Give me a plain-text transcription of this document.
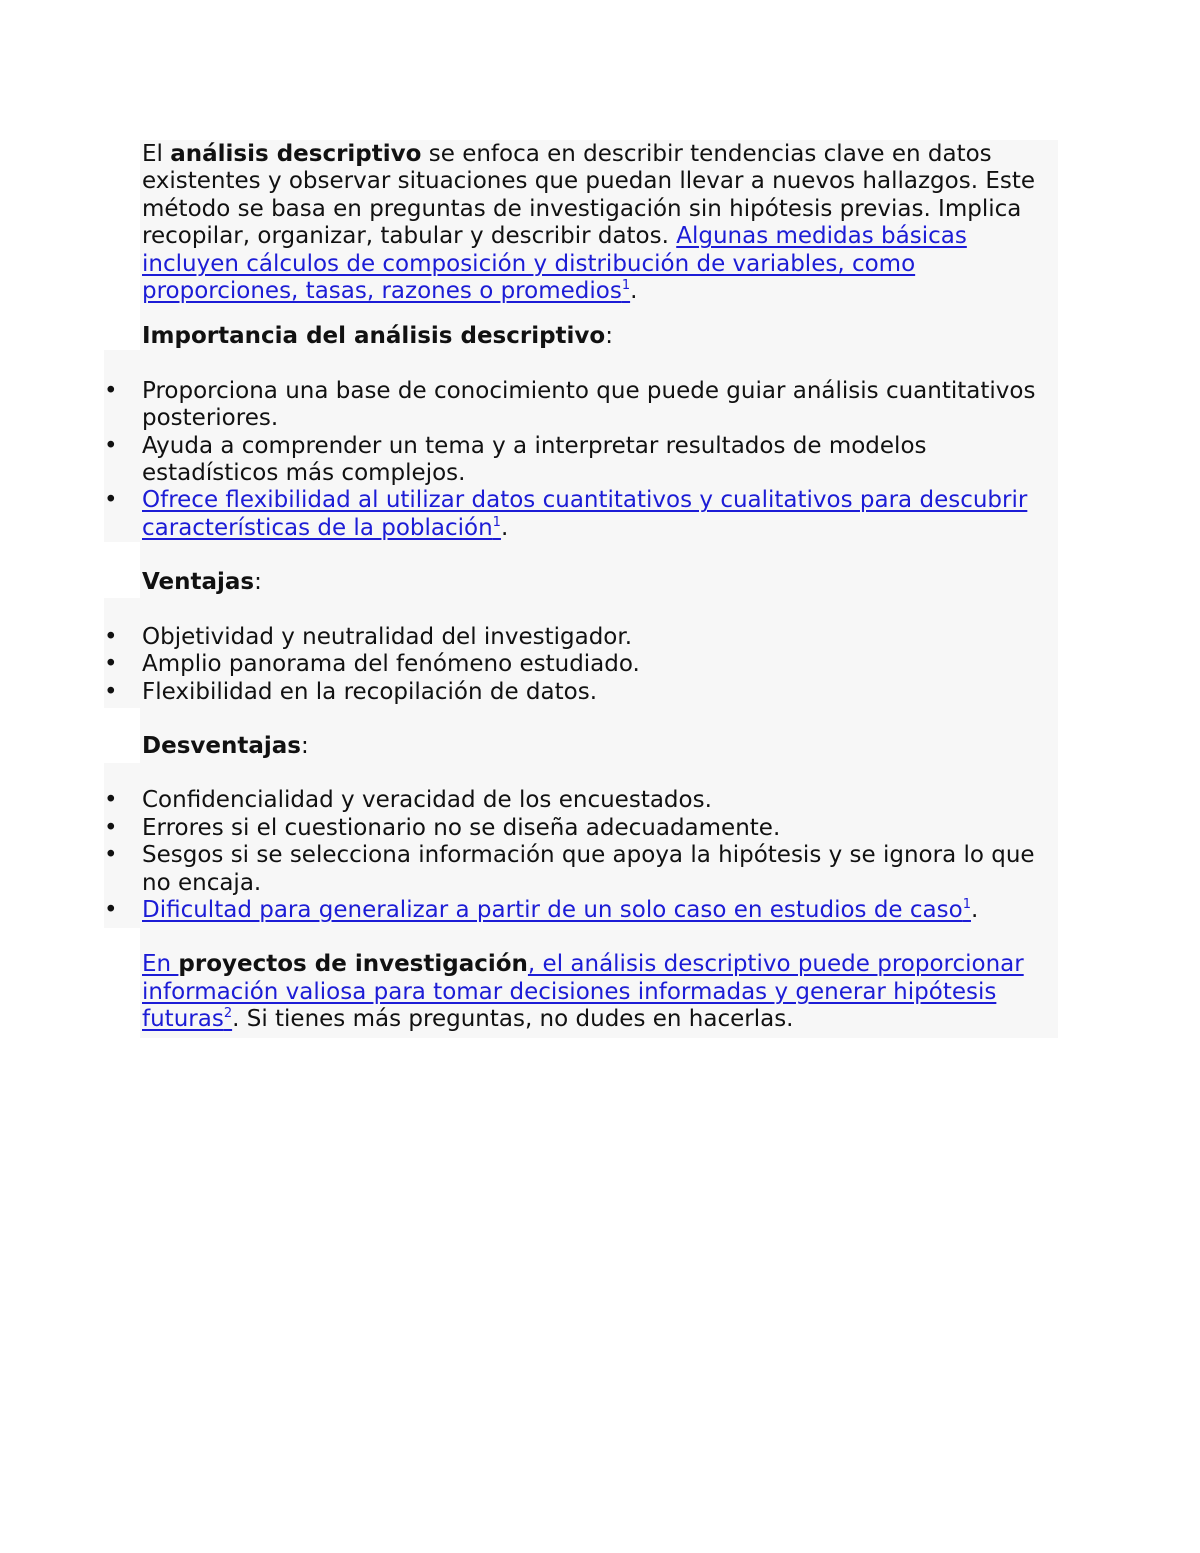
El análisis descriptivo se enfoca en describir tendencias clave en datos existentes y observar situaciones que puedan llevar a nuevos hallazgos. Este método se basa en preguntas de investigación sin hipótesis previas. Implica recopilar, organizar, tabular y describir datos. Algunas medidas básicas incluyen cálculos de composición y distribución de variables, como proporciones, tasas, razones o promedios$^1$.

Importancia del análisis descriptivo:

• Proporciona una base de conocimiento que puede guiar análisis cuantitativos posteriores.
• Ayuda a comprender un tema y a interpretar resultados de modelos estadísticos más complejos.
• Ofrece flexibilidad al utilizar datos cuantitativos y cualitativos para descubrir características de la población$^1$.

Ventajas:

• Objetividad y neutralidad del investigador.
• Amplio panorama del fenómeno estudiado.
• Flexibilidad en la recopilación de datos.

Desventajas:

• Confidencialidad y veracidad de los encuestados.
• Errores si el cuestionario no se diseña adecuadamente.
• Sesgos si se selecciona información que apoya la hipótesis y se ignora lo que no encaja.
• Dificultad para generalizar a partir de un solo caso en estudios de caso$^1$.

En proyectos de investigación, el análisis descriptivo puede proporcionar información valiosa para tomar decisiones informadas y generar hipótesis futuras$^2$. Si tienes más preguntas, no dudes en hacerlas.
